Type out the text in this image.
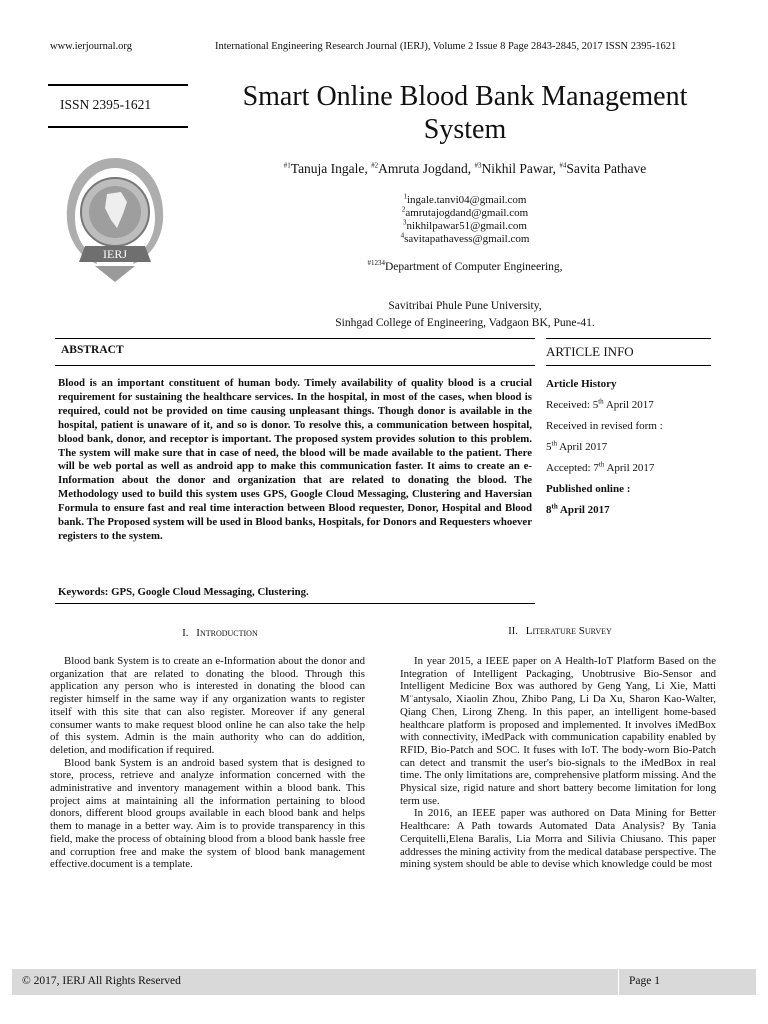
www.ierjournal.org	International Engineering Research Journal (IERJ), Volume 2 Issue 8 Page 2843-2845, 2017 ISSN 2395-1621
ISSN 2395-1621
IERJ
Smart Online Blood Bank Management System
$^{\#1}$Tanuja Ingale, $^{\#2}$Amruta Jogdand, $^{\#3}$Nikhil Pawar, $^{\#4}$Savita Pathave
$^1$ingale.tanvi04@gmail.com
$^2$amrutajogdand@gmail.com
$^3$nikhilpawar51@gmail.com
$^4$savitapathavess@gmail.com
$^{\#1234}$Department of Computer Engineering,
Savitribai Phule Pune University,
Sinhgad College of Engineering, Vadgaon BK, Pune-41.
ABSTRACT	ARTICLE INFO
Blood is an important constituent of human body. Timely availability of quality blood is a crucial requirement for sustaining the healthcare services. In the hospital, in most of the cases, when blood is required, could not be provided on time causing unpleasant things. Though donor is available in the hospital, patient is unaware of it, and so is donor. To resolve this, a communication between hospital, blood bank, donor, and receptor is important. The proposed system provides solution to this problem. The system will make sure that in case of need, the blood will be made available to the patient. There will be web portal as well as android app to make this communication faster. It aims to create an e-Information about the donor and organization that are related to donating the blood. The Methodology used to build this system uses GPS, Google Cloud Messaging, Clustering and Haversian Formula to ensure fast and real time interaction between Blood requester, Donor, Hospital and Blood bank. The Proposed system will be used in Blood banks, Hospitals, for Donors and Requesters whoever registers to the system.
Keywords: GPS, Google Cloud Messaging, Clustering.
Article History
Received: 5th April 2017
Received in revised form :
5th April 2017
Accepted: 7th April 2017
Published online :
8th April 2017
I. Introduction

Blood bank System is to create an e-Information about the donor and organization that are related to donating the blood. Through this application any person who is interested in donating the blood can register himself in the same way if any organization wants to register itself with this site that can also register. Moreover if any general consumer wants to make request blood online he can also take the help of this system. Admin is the main authority who can do addition, deletion, and modification if required.

Blood bank System is an android based system that is designed to store, process, retrieve and analyze information concerned with the administrative and inventory management within a blood bank. This project aims at maintaining all the information pertaining to blood donors, different blood groups available in each blood bank and helps them to manage in a better way. Aim is to provide transparency in this field, make the process of obtaining blood from a blood bank hassle free and corruption free and make the system of blood bank management effective.document is a template.

II. Literature Survey

In year 2015, a IEEE paper on A Health-IoT Platform Based on the Integration of Intelligent Packaging, Unobtrusive Bio-Sensor and Intelligent Medicine Box was authored by Geng Yang, Li Xie, Matti M¨antysalo, Xiaolin Zhou, Zhibo Pang, Li Da Xu, Sharon Kao-Walter, Qiang Chen, Lirong Zheng. In this paper, an intelligent home-based healthcare platform is proposed and implemented. It involves iMedBox with connectivity, iMedPack with communication capability enabled by RFID, Bio-Patch and SOC. It fuses with IoT. The body-worn Bio-Patch can detect and transmit the user's bio-signals to the iMedBox in real time. The only limitations are, comprehensive platform missing. And the Physical size, rigid nature and short battery become limitation for long term use.

In 2016, an IEEE paper was authored on Data Mining for Better Healthcare: A Path towards Automated Data Analysis? By Tania Cerquitelli,Elena Baralis, Lia Morra and Silivia Chiusano. This paper addresses the mining activity from the medical database perspective. The mining system should be able to devise which knowledge could be most

© 2017, IERJ All Rights Reserved	Page 1
